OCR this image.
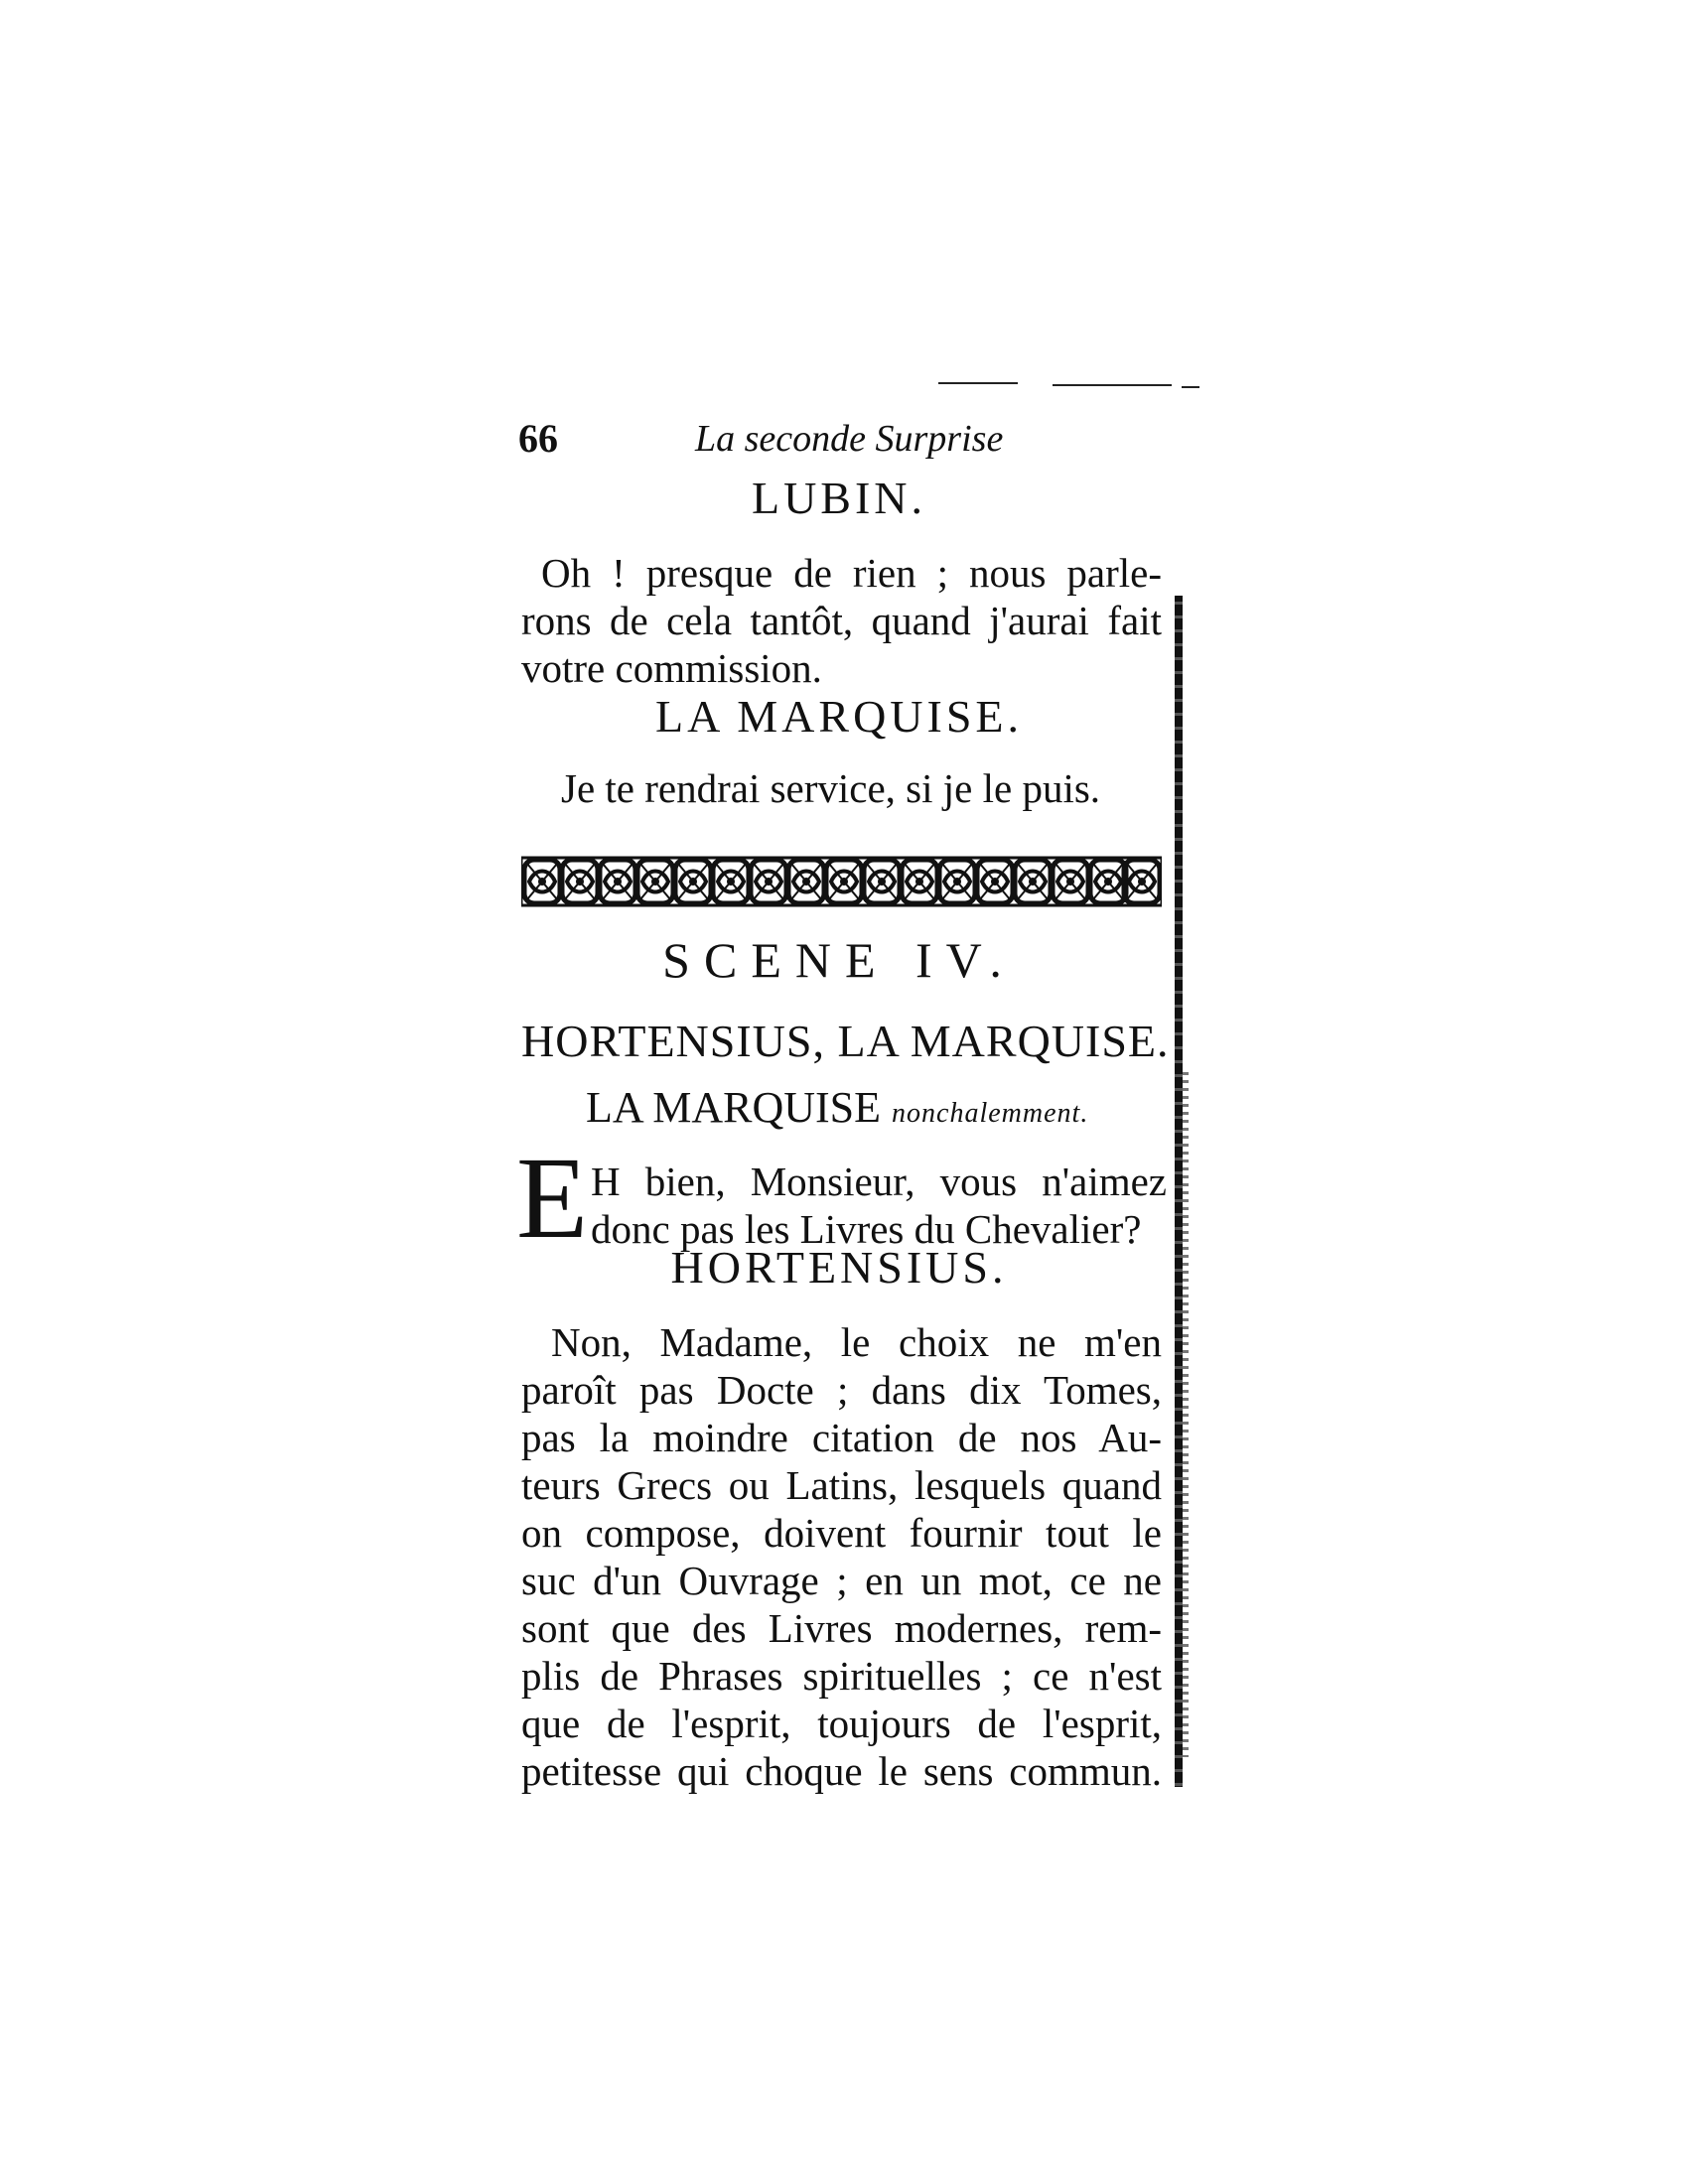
66	La seconde Surprise
LUBIN.
Oh ! presque de rien ; nous parle-
rons de cela tantôt, quand j'aurai fait
votre commission.
LA MARQUISE.
Je te rendrai service, si je le puis.
SCENE IV.
HORTENSIUS, LA MARQUISE.
LA MARQUISE nonchalemment.
E H bien, Monsieur, vous n'aimez
donc pas les Livres du Chevalier?
HORTENSIUS.
Non, Madame, le choix ne m'en
paroît pas Docte ; dans dix Tomes,
pas la moindre citation de nos Au-
teurs Grecs ou Latins, lesquels quand
on compose, doivent fournir tout le
suc d'un Ouvrage ; en un mot, ce ne
sont que des Livres modernes, rem-
plis de Phrases spirituelles ; ce n'est
que de l'esprit, toujours de l'esprit,
petitesse qui choque le sens commun.
